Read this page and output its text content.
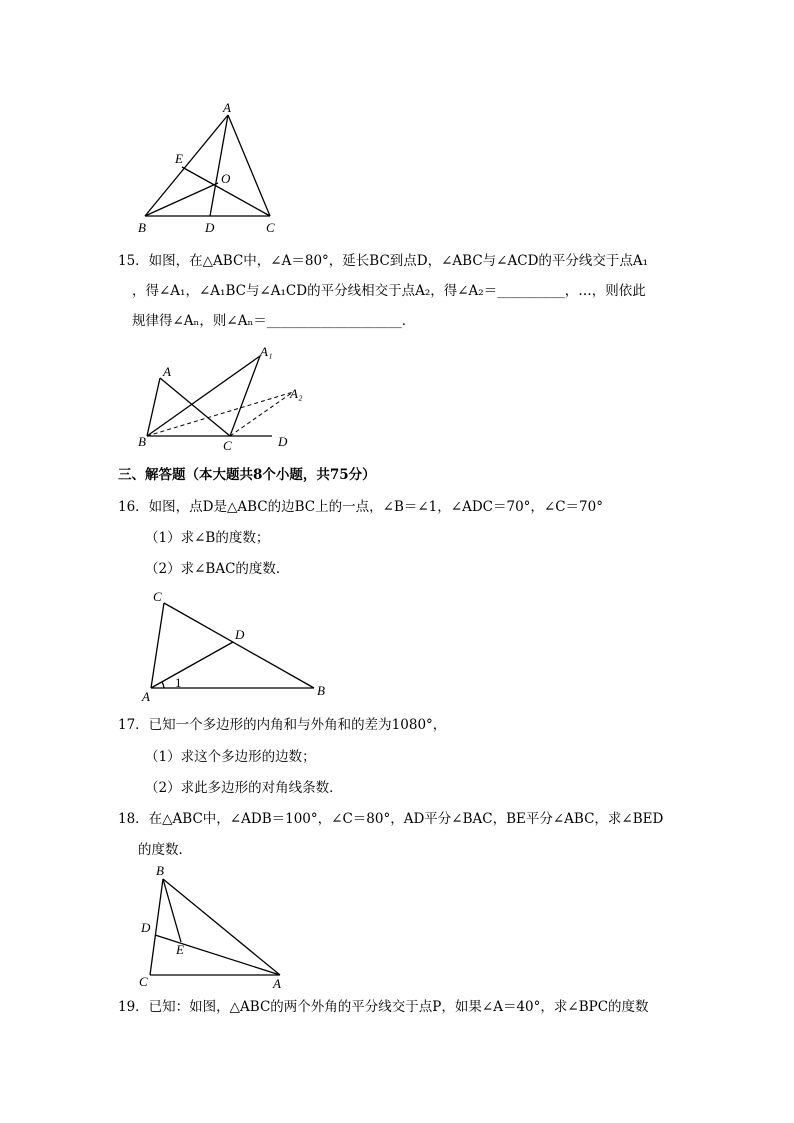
A
E
O
B	D	C
15．如图，在△ABC中，∠A＝80°，延长BC到点D，∠ABC与∠ACD的平分线交于点A₁
，得∠A₁，∠A₁BC与∠A₁CD的平分线相交于点A₂，得∠A₂＝__________，…，则依此
规律得∠Aₙ，则∠Aₙ＝____________________．
A
A₁
A₂
B	C	D
三、解答题（本大题共8个小题，共75分）
16．如图，点D是△ABC的边BC上的一点，∠B＝∠1，∠ADC＝70°，∠C＝70°
（1）求∠B的度数；
（2）求∠BAC的度数．
C
D
A
1
B
17．已知一个多边形的内角和与外角和的差为1080°，
（1）求这个多边形的边数；
（2）求此多边形的对角线条数．
18．在△ABC中，∠ADB＝100°，∠C＝80°，AD平分∠BAC，BE平分∠ABC，求∠BED
的度数．
B
D
E
C	A
19．已知：如图，△ABC的两个外角的平分线交于点P，如果∠A＝40°，求∠BPC的度数
